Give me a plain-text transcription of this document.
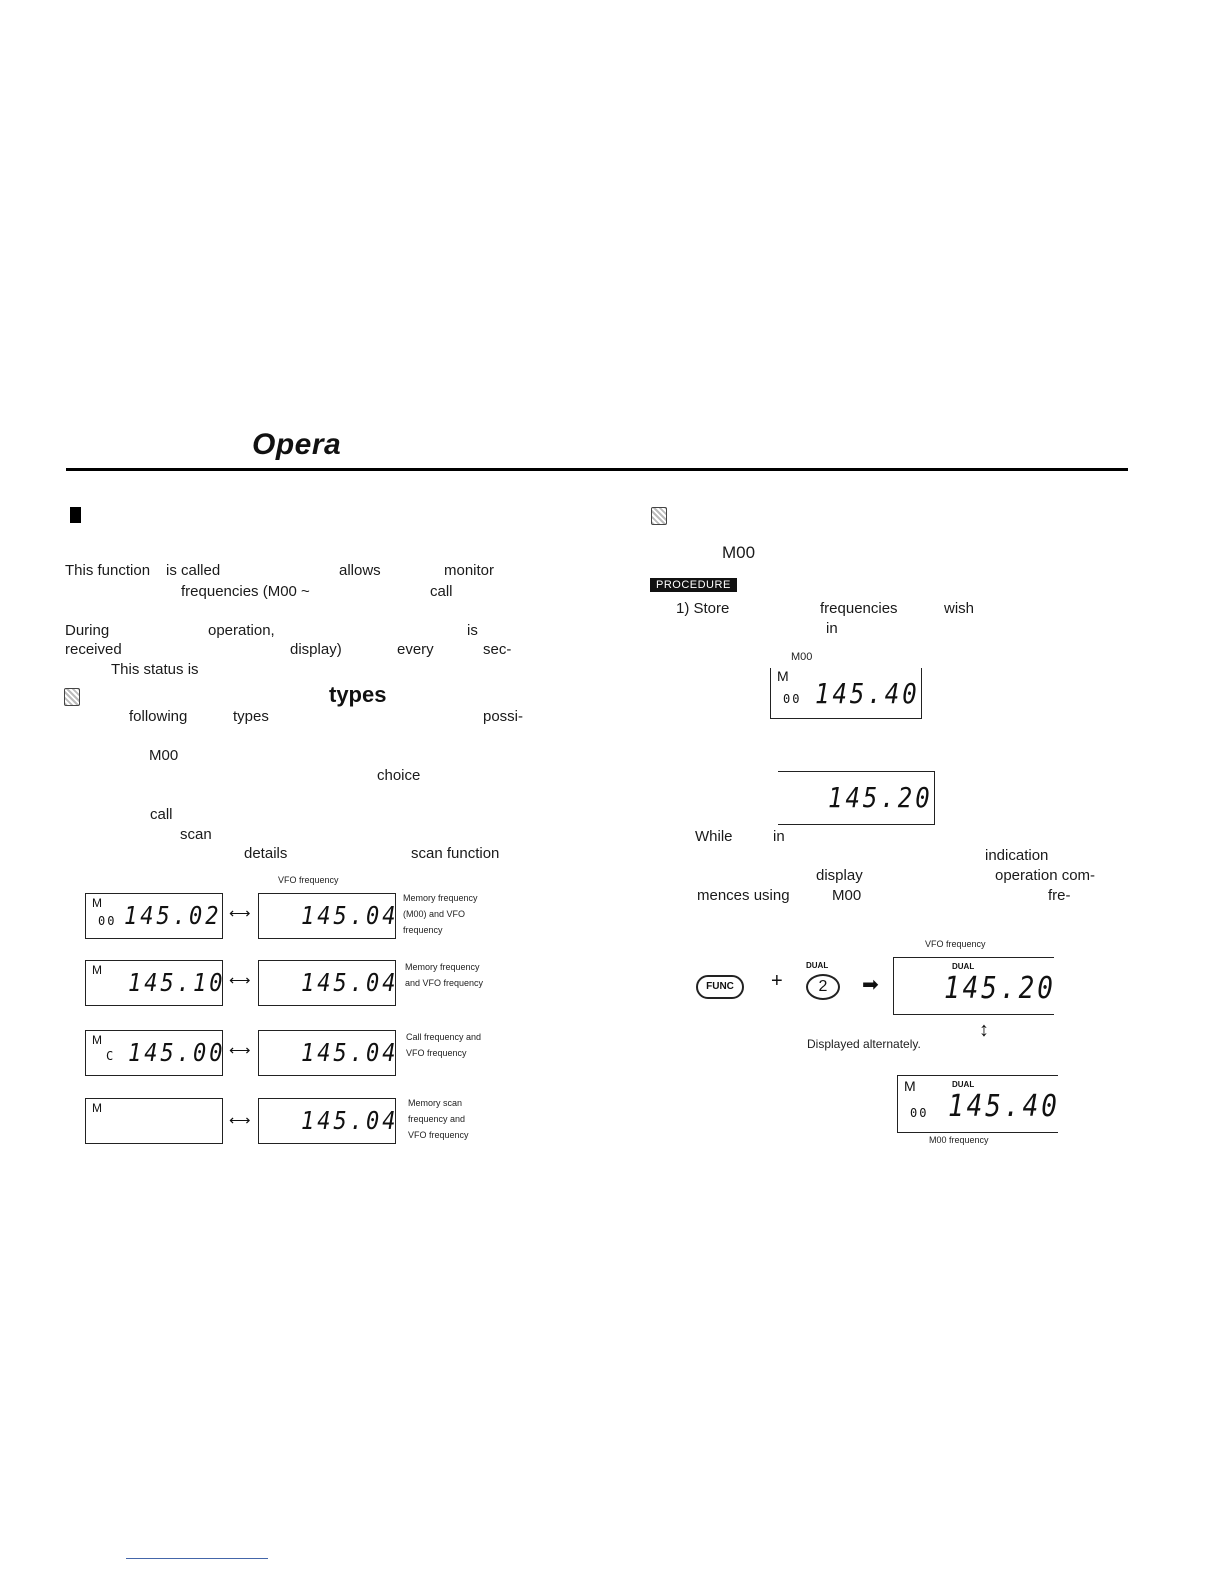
Opera
This function is called	allows	monitor
frequencies (M00 ~	call
During	operation,	is
received	display)	every	sec-
This status is
types
following	types	possi-
M00
choice
call
scan
details	scan function
VFO frequency
M
00 145.02 ⟷ 145.04
Memory frequency
(M00) and VFO
frequency
M 145.10 ⟷ 145.04
Memory frequency
and VFO frequency
M
C 145.00 ⟷ 145.04
Call frequency and
VFO frequency
M
⟷ 145.04
Memory scan
frequency and
VFO frequency
M00
PROCEDURE
1) Store	frequencies	wish
in
M00
M
00 145.40
145.20
While	in
indication
display	operation com-
mences using	M00	fre-
VFO frequency
FUNC	+
DUAL
2	➡
DUAL
145.20
Displayed alternately.
↕
M	DUAL
00 145.40
M00 frequency
